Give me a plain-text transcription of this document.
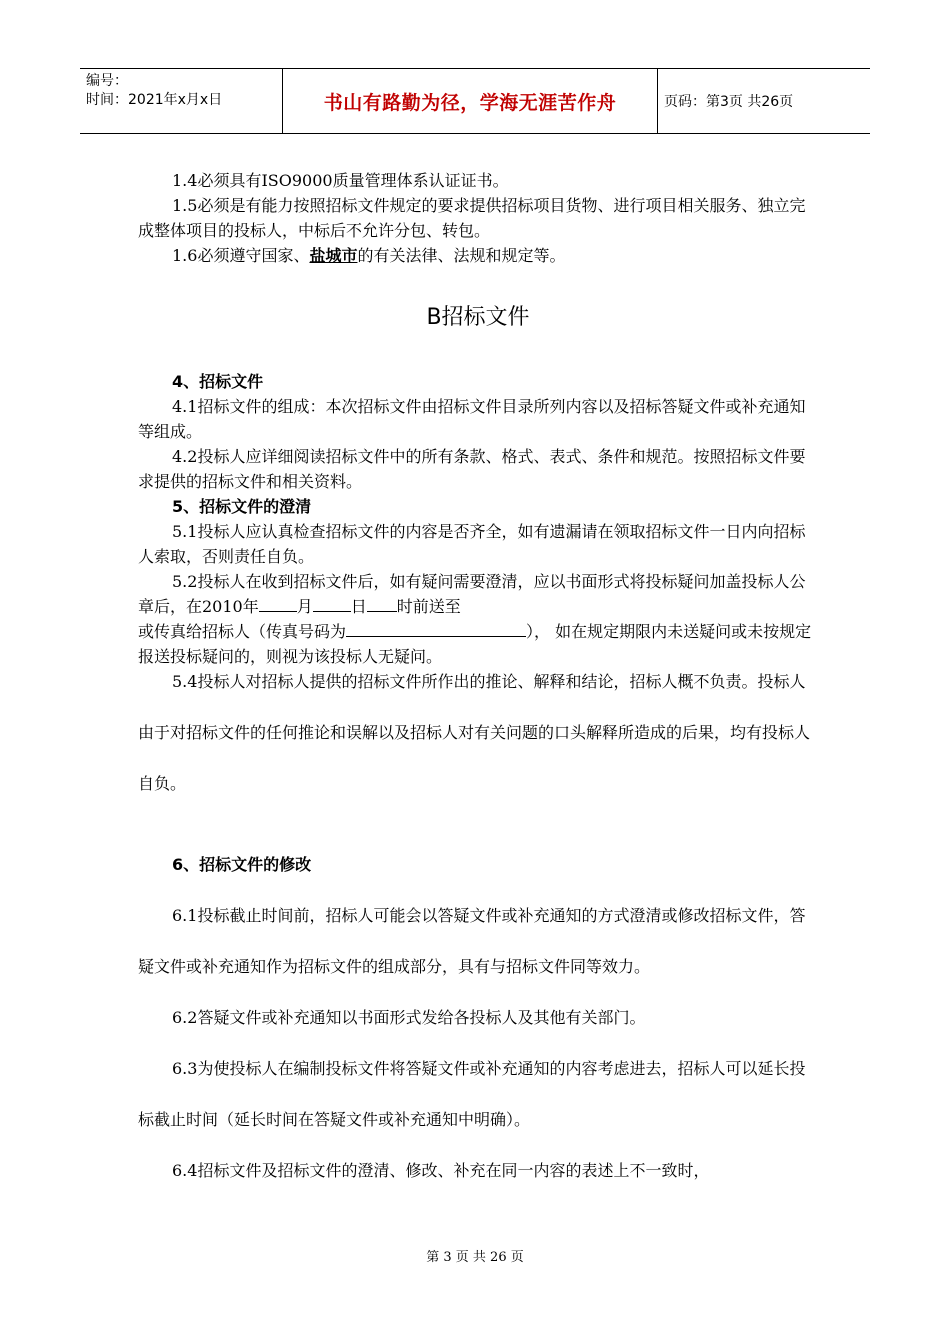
编号：
时间：2021年x月x日	书山有路勤为径，学海无涯苦作舟	页码：第3页 共26页

1.4必须具有ISO9000质量管理体系认证证书。

1.5必须是有能力按照招标文件规定的要求提供招标项目货物、进行项目相关服务、独立完成整体项目的投标人，中标后不允许分包、转包。

1.6必须遵守国家、盐城市的有关法律、法规和规定等。

B招标文件

4、招标文件

4.1招标文件的组成：本次招标文件由招标文件目录所列内容以及招标答疑文件或补充通知等组成。

4.2投标人应详细阅读招标文件中的所有条款、格式、表式、条件和规范。按照招标文件要求提供的招标文件和相关资料。

5、招标文件的澄清

5.1投标人应认真检查招标文件的内容是否齐全，如有遗漏请在领取招标文件一日内向招标人索取，否则责任自负。

5.2投标人在收到招标文件后，如有疑问需要澄清，应以书面形式将投标疑问加盖投标人公章后，在2010年 月 日 时前送至
或传真给招标人（传真号码为	）， 如在规定期限内未送疑问或未按规定报送投标疑问的，则视为该投标人无疑问。

5.4投标人对招标人提供的招标文件所作出的推论、解释和结论，招标人概不负责。投标人由于对招标文件的任何推论和误解以及招标人对有关问题的口头解释所造成的后果，均有投标人自负。

6、招标文件的修改

6.1投标截止时间前，招标人可能会以答疑文件或补充通知的方式澄清或修改招标文件，答疑文件或补充通知作为招标文件的组成部分，具有与招标文件同等效力。

6.2答疑文件或补充通知以书面形式发给各投标人及其他有关部门。

6.3为使投标人在编制投标文件将答疑文件或补充通知的内容考虑进去，招标人可以延长投标截止时间（延长时间在答疑文件或补充通知中明确）。

6.4招标文件及招标文件的澄清、修改、补充在同一内容的表述上不一致时，

第 3 页 共 26 页
